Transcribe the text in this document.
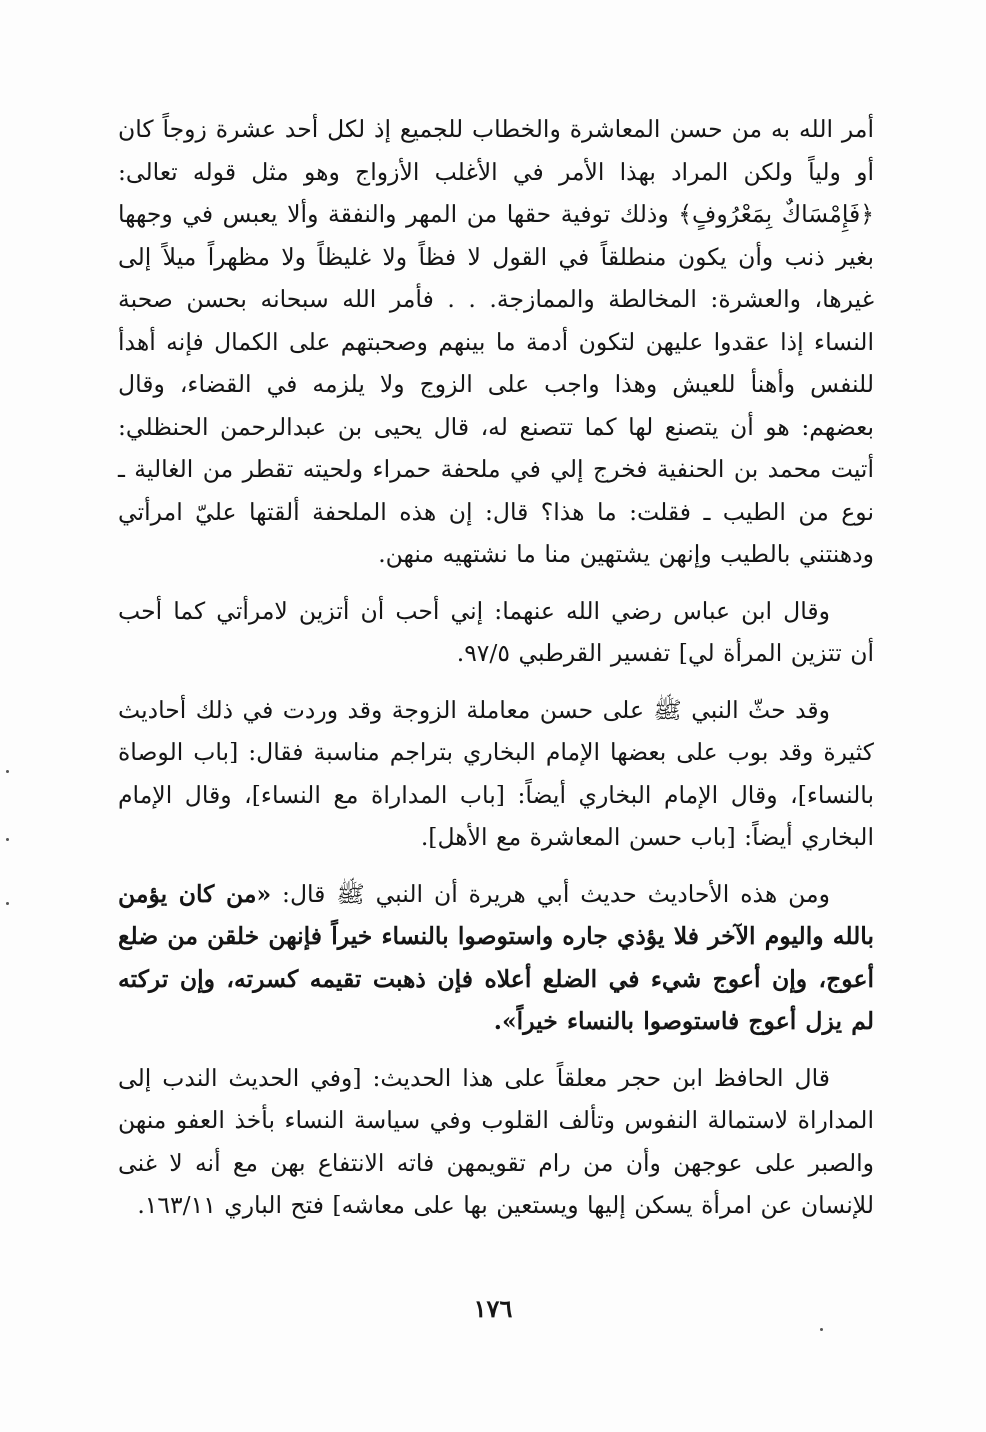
أمر الله به من حسن المعاشرة والخطاب للجميع إذ لكل أحد عشرة زوجاً كان أو ولياً ولكن المراد بهذا الأمر في الأغلب الأزواج وهو مثل قوله تعالى: ﴿فَإِمْسَاكٌ بِمَعْرُوفٍ﴾ وذلك توفية حقها من المهر والنفقة وألا يعبس في وجهها بغير ذنب وأن يكون منطلقاً في القول لا فظاً ولا غليظاً ولا مظهراً ميلاً إلى غيرها، والعشرة: المخالطة والممازجة. . . فأمر الله سبحانه بحسن صحبة النساء إذا عقدوا عليهن لتكون أدمة ما بينهم وصحبتهم على الكمال فإنه أهدأ للنفس وأهنأ للعيش وهذا واجب على الزوج ولا يلزمه في القضاء، وقال بعضهم: هو أن يتصنع لها كما تتصنع له، قال يحيى بن عبدالرحمن الحنظلي: أتيت محمد بن الحنفية فخرج إلي في ملحفة حمراء ولحيته تقطر من الغالية ـ نوع من الطيب ـ فقلت: ما هذا؟ قال: إن هذه الملحفة ألقتها عليّ امرأتي ودهنتني بالطيب وإنهن يشتهين منا ما نشتهيه منهن.

وقال ابن عباس رضي الله عنهما: إني أحب أن أتزين لامرأتي كما أحب أن تتزين المرأة لي] تفسير القرطبي ٩٧/٥.

وقد حثّ النبي ﷺ على حسن معاملة الزوجة وقد وردت في ذلك أحاديث كثيرة وقد بوب على بعضها الإمام البخاري بتراجم مناسبة فقال: [باب الوصاة بالنساء]، وقال الإمام البخاري أيضاً: [باب المداراة مع النساء]، وقال الإمام البخاري أيضاً: [باب حسن المعاشرة مع الأهل].

ومن هذه الأحاديث حديث أبي هريرة أن النبي ﷺ قال: «من كان يؤمن بالله واليوم الآخر فلا يؤذي جاره واستوصوا بالنساء خيراً فإنهن خلقن من ضلع أعوج، وإن أعوج شيء في الضلع أعلاه فإن ذهبت تقيمه كسرته، وإن تركته لم يزل أعوج فاستوصوا بالنساء خيراً».

قال الحافظ ابن حجر معلقاً على هذا الحديث: [وفي الحديث الندب إلى المداراة لاستمالة النفوس وتألف القلوب وفي سياسة النساء بأخذ العفو منهن والصبر على عوجهن وأن من رام تقويمهن فاته الانتفاع بهن مع أنه لا غنى للإنسان عن امرأة يسكن إليها ويستعين بها على معاشه] فتح الباري ١٦٣/١١.

١٧٦
